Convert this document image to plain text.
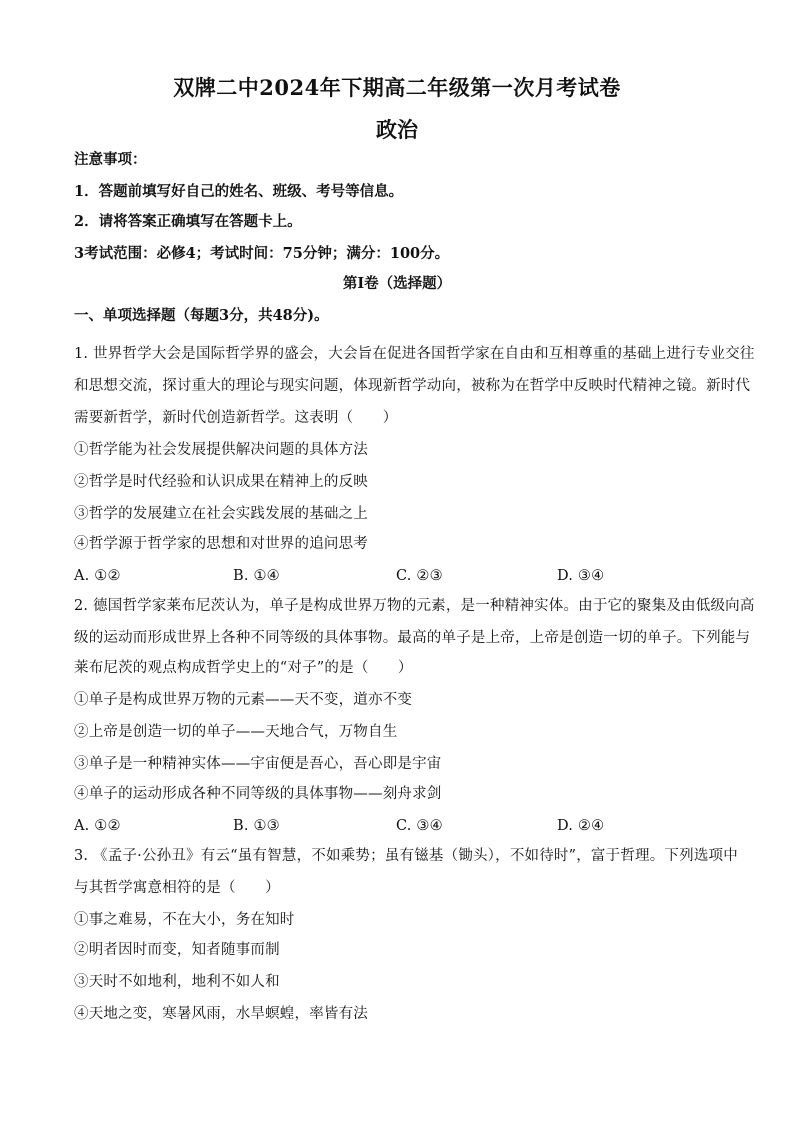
双牌二中2024年下期高二年级第一次月考试卷
政治
注意事项：
1．答题前填写好自己的姓名、班级、考号等信息。
2．请将答案正确填写在答题卡上。
3考试范围：必修4；考试时间：75分钟；满分：100分。
第I卷（选择题）
一、单项选择题（每题3分，共48分)。
1. 世界哲学大会是国际哲学界的盛会，大会旨在促进各国哲学家在自由和互相尊重的基础上进行专业交往
和思想交流，探讨重大的理论与现实问题，体现新哲学动向，被称为在哲学中反映时代精神之镜。新时代
需要新哲学，新时代创造新哲学。这表明（　　）
①哲学能为社会发展提供解决问题的具体方法
②哲学是时代经验和认识成果在精神上的反映
③哲学的发展建立在社会实践发展的基础之上
④哲学源于哲学家的思想和对世界的追问思考
A. ①②	B. ①④	C. ②③	D. ③④
2. 德国哲学家莱布尼茨认为，单子是构成世界万物的元素，是一种精神实体。由于它的聚集及由低级向高
级的运动而形成世界上各种不同等级的具体事物。最高的单子是上帝，上帝是创造一切的单子。下列能与
莱布尼茨的观点构成哲学史上的“对子”的是（　　）
①单子是构成世界万物的元素——天不变，道亦不变
②上帝是创造一切的单子——天地合气，万物自生
③单子是一种精神实体——宇宙便是吾心，吾心即是宇宙
④单子的运动形成各种不同等级的具体事物——刻舟求剑
A. ①②	B. ①③	C. ③④	D. ②④
3. 《孟子·公孙丑》有云“虽有智慧，不如乘势；虽有镃基（锄头），不如待时”，富于哲理。下列选项中
与其哲学寓意相符的是（　　）
①事之难易，不在大小，务在知时
②明者因时而变，知者随事而制
③天时不如地利，地利不如人和
④天地之变，寒暑风雨，水旱螟蝗，率皆有法
